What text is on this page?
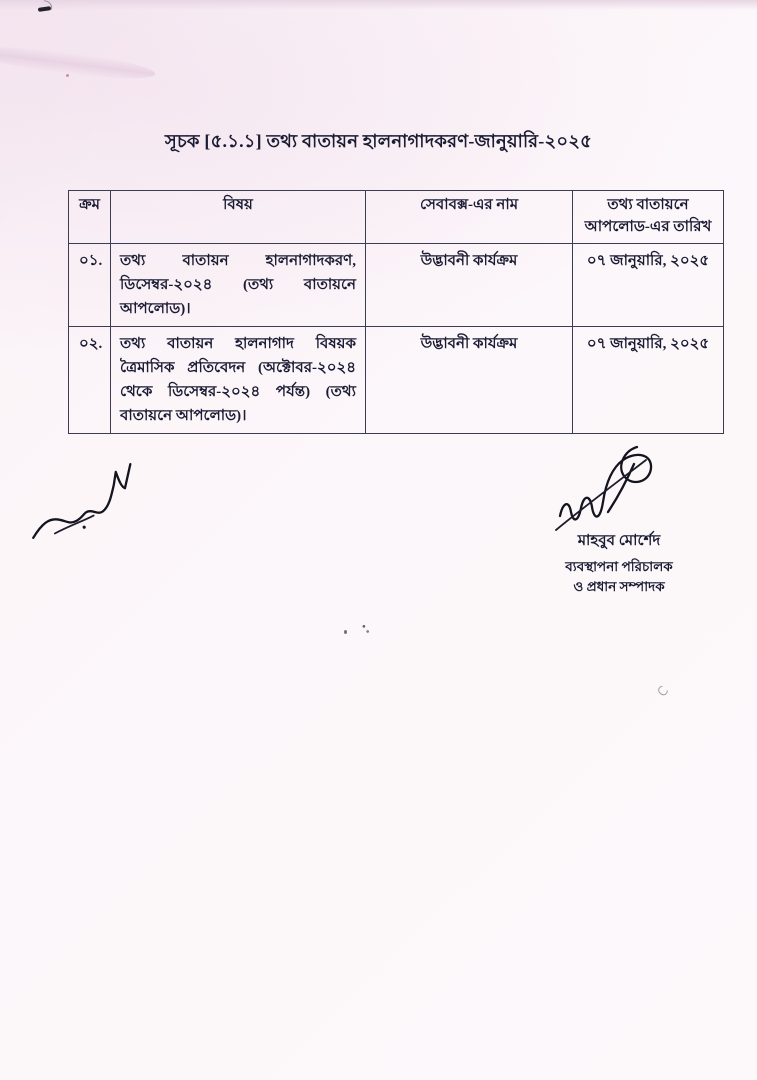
সূচক [৫.১.১] তথ্য বাতায়ন হালনাগাদকরণ-জানুয়ারি-২০২৫
ক্রম	বিষয়	সেবাবক্স-এর নাম	তথ্য বাতায়নে আপলোড-এর তারিখ
০১.	তথ্য বাতায়ন হালনাগাদকরণ, ডিসেম্বর-২০২৪ (তথ্য বাতায়নে আপলোড)।	উদ্ভাবনী কার্যক্রম	০৭ জানুয়ারি, ২০২৫
০২.	তথ্য বাতায়ন হালনাগাদ বিষয়ক ত্রৈমাসিক প্রতিবেদন (অক্টোবর-২০২৪ থেকে ডিসেম্বর-২০২৪ পর্যন্ত) (তথ্য বাতায়নে আপলোড)।	উদ্ভাবনী কার্যক্রম	০৭ জানুয়ারি, ২০২৫
মাহবুব মোর্শেদ
ব্যবস্থাপনা পরিচালক
ও প্রধান সম্পাদক
